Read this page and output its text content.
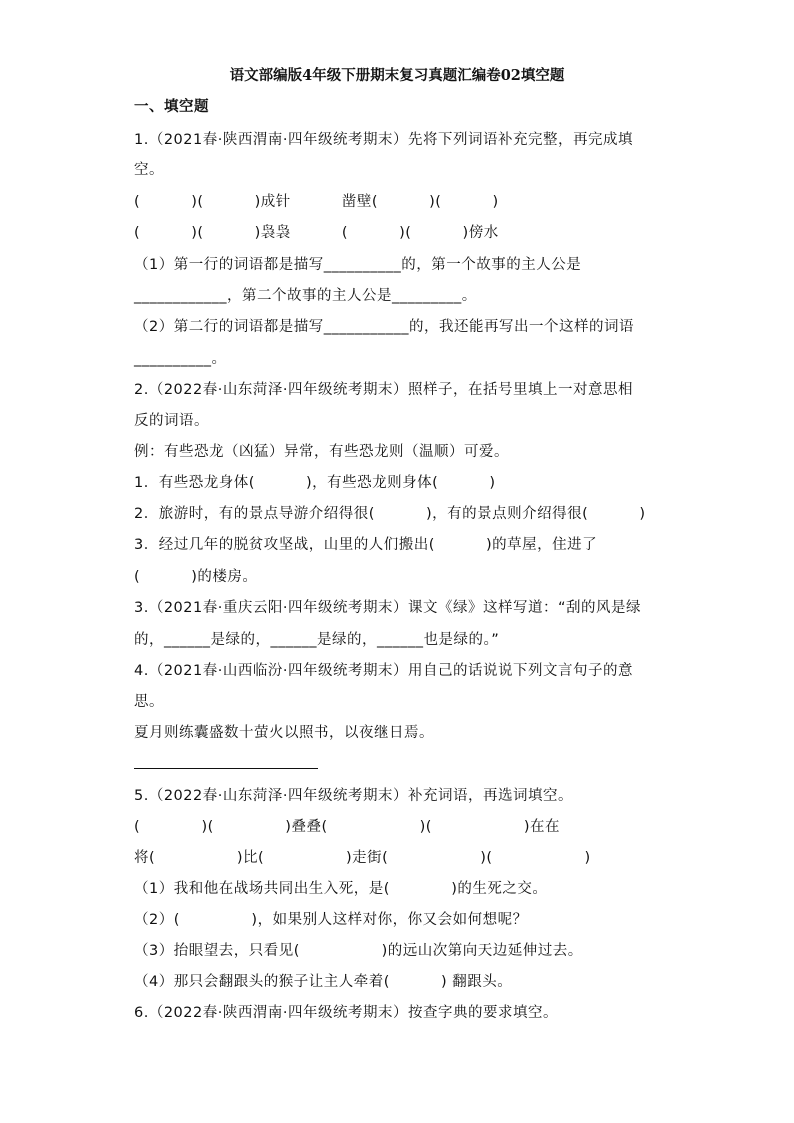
语文部编版4年级下册期末复习真题汇编卷02填空题
一、填空题
1.（2021春·陕西渭南·四年级统考期末）先将下列词语补充完整，再完成填
空。
(          )(          )成针          凿壁(          )(          )
(          )(          )袅袅          (          )(          )傍水
（1）第一行的词语都是描写__________的，第一个故事的主人公是
____________，第二个故事的主人公是_________。
（2）第二行的词语都是描写___________的，我还能再写出一个这样的词语
__________。
2.（2022春·山东菏泽·四年级统考期末）照样子，在括号里填上一对意思相
反的词语。
例：有些恐龙（凶猛）异常，有些恐龙则（温顺）可爱。
1．有些恐龙身体(          )，有些恐龙则身体(          )
2．旅游时，有的景点导游介绍得很(          )，有的景点则介绍得很(          )
3．经过几年的脱贫攻坚战，山里的人们搬出(          )的草屋，住进了
(          )的楼房。
3.（2021春·重庆云阳·四年级统考期末）课文《绿》这样写道：“刮的风是绿
的，______是绿的，______是绿的，______也是绿的。”
4.（2021春·山西临汾·四年级统考期末）用自己的话说说下列文言句子的意
思。
夏月则练囊盛数十萤火以照书，以夜继日焉。
5.（2022春·山东菏泽·四年级统考期末）补充词语，再选词填空。
(            )(              )叠叠(                  )(                  )在在
将(                )比(                )走街(                  )(                  )
（1）我和他在战场共同出生入死，是(            )的生死之交。
（2）(              )，如果别人这样对你，你又会如何想呢？
（3）抬眼望去，只看见(                )的远山次第向天边延伸过去。
（4）那只会翻跟头的猴子让主人牵着(          ) 翻跟头。
6.（2022春·陕西渭南·四年级统考期末）按查字典的要求填空。
